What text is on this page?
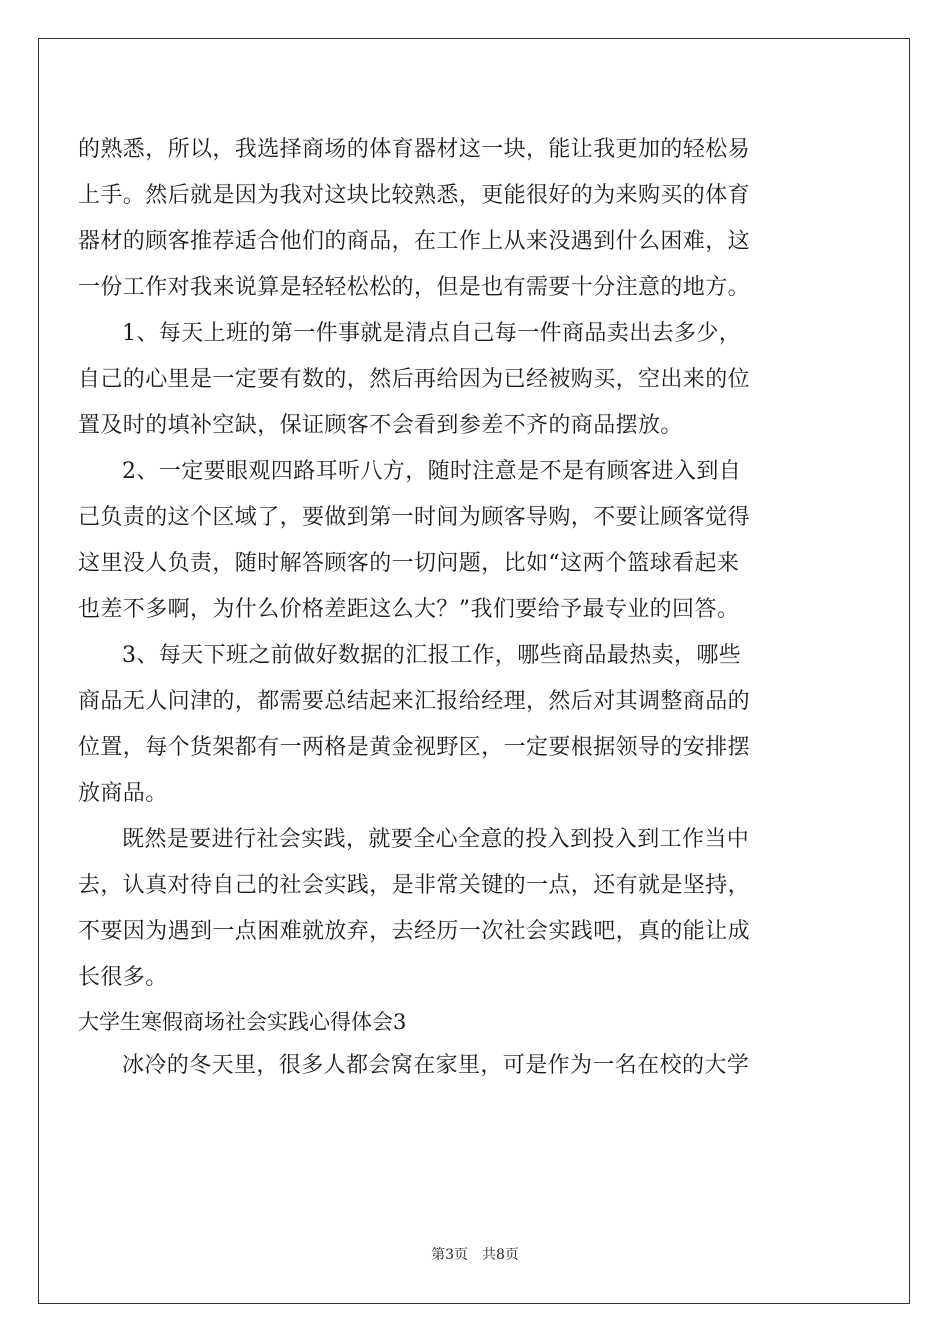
的熟悉，所以，我选择商场的体育器材这一块，能让我更加的轻松易
上手。然后就是因为我对这块比较熟悉，更能很好的为来购买的体育
器材的顾客推荐适合他们的商品，在工作上从来没遇到什么困难，这
一份工作对我来说算是轻轻松松的，但是也有需要十分注意的地方。
1、每天上班的第一件事就是清点自己每一件商品卖出去多少，
自己的心里是一定要有数的，然后再给因为已经被购买，空出来的位
置及时的填补空缺，保证顾客不会看到参差不齐的商品摆放。
2、一定要眼观四路耳听八方，随时注意是不是有顾客进入到自
己负责的这个区域了，要做到第一时间为顾客导购，不要让顾客觉得
这里没人负责，随时解答顾客的一切问题，比如“这两个篮球看起来
也差不多啊，为什么价格差距这么大？”我们要给予最专业的回答。
3、每天下班之前做好数据的汇报工作，哪些商品最热卖，哪些
商品无人问津的，都需要总结起来汇报给经理，然后对其调整商品的
位置，每个货架都有一两格是黄金视野区，一定要根据领导的安排摆
放商品。
既然是要进行社会实践，就要全心全意的投入到投入到工作当中
去，认真对待自己的社会实践，是非常关键的一点，还有就是坚持，
不要因为遇到一点困难就放弃，去经历一次社会实践吧，真的能让成
长很多。
大学生寒假商场社会实践心得体会3
冰冷的冬天里，很多人都会窝在家里，可是作为一名在校的大学
第3页　共8页
